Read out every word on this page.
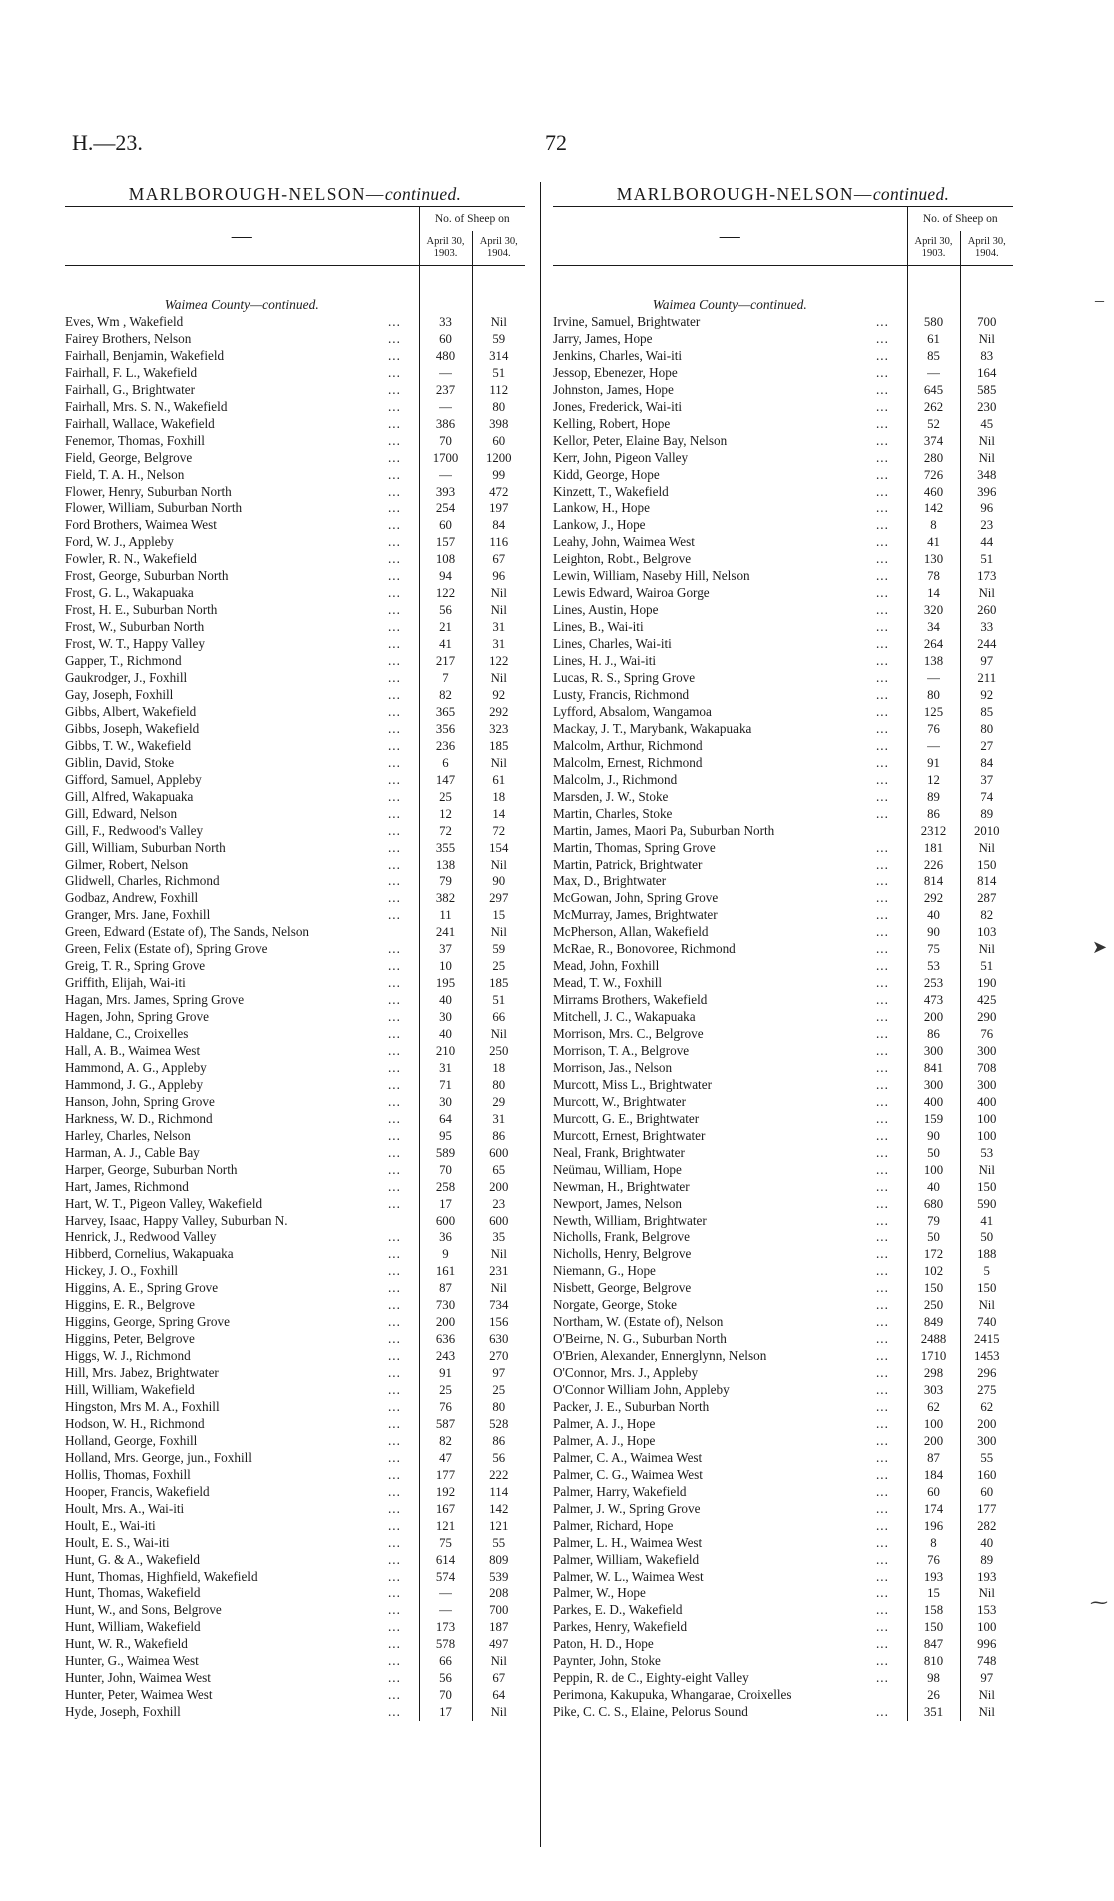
H.—23.	72
MARLBOROUGH-NELSON—continued.
—	No. of Sheep on	

	April 30,
1903.	April 30,
1904.

Waimea County—continued.		
Eves, Wm , Wakefield ...	33	Nil
Fairey Brothers, Nelson ...	60	59
Fairhall, Benjamin, Wakefield ...	480	314
Fairhall, F. L., Wakefield ...	—	51
Fairhall, G., Brightwater ...	237	112
Fairhall, Mrs. S. N., Wakefield ...	—	80
Fairhall, Wallace, Wakefield ...	386	398
Fenemor, Thomas, Foxhill ...	70	60
Field, George, Belgrove ...	1700	1200
Field, T. A. H., Nelson ...	—	99
Flower, Henry, Suburban North ...	393	472
Flower, William, Suburban North ...	254	197
Ford Brothers, Waimea West ...	60	84
Ford, W. J., Appleby ...	157	116
Fowler, R. N., Wakefield ...	108	67
Frost, George, Suburban North ...	94	96
Frost, G. L., Wakapuaka ...	122	Nil
Frost, H. E., Suburban North ...	56	Nil
Frost, W., Suburban North ...	21	31
Frost, W. T., Happy Valley ...	41	31
Gapper, T., Richmond ...	217	122
Gaukrodger, J., Foxhill ...	7	Nil
Gay, Joseph, Foxhill ...	82	92
Gibbs, Albert, Wakefield ...	365	292
Gibbs, Joseph, Wakefield ...	356	323
Gibbs, T. W., Wakefield ...	236	185
Giblin, David, Stoke ...	6	Nil
Gifford, Samuel, Appleby ...	147	61
Gill, Alfred, Wakapuaka ...	25	18
Gill, Edward, Nelson ...	12	14
Gill, F., Redwood's Valley ...	72	72
Gill, William, Suburban North ...	355	154
Gilmer, Robert, Nelson ...	138	Nil
Glidwell, Charles, Richmond ...	79	90
Godbaz, Andrew, Foxhill ...	382	297
Granger, Mrs. Jane, Foxhill ...	11	15
Green, Edward (Estate of), The Sands, Nelson	241	Nil
Green, Felix (Estate of), Spring Grove ...	37	59
Greig, T. R., Spring Grove ...	10	25
Griffith, Elijah, Wai-iti ...	195	185
Hagan, Mrs. James, Spring Grove ...	40	51
Hagen, John, Spring Grove ...	30	66
Haldane, C., Croixelles ...	40	Nil
Hall, A. B., Waimea West ...	210	250
Hammond, A. G., Appleby ...	31	18
Hammond, J. G., Appleby ...	71	80
Hanson, John, Spring Grove ...	30	29
Harkness, W. D., Richmond ...	64	31
Harley, Charles, Nelson ...	95	86
Harman, A. J., Cable Bay ...	589	600
Harper, George, Suburban North ...	70	65
Hart, James, Richmond ...	258	200
Hart, W. T., Pigeon Valley, Wakefield ...	17	23
Harvey, Isaac, Happy Valley, Suburban N.	600	600
Henrick, J., Redwood Valley ...	36	35
Hibberd, Cornelius, Wakapuaka ...	9	Nil
Hickey, J. O., Foxhill ...	161	231
Higgins, A. E., Spring Grove ...	87	Nil
Higgins, E. R., Belgrove ...	730	734
Higgins, George, Spring Grove ...	200	156
Higgins, Peter, Belgrove ...	636	630
Higgs, W. J., Richmond ...	243	270
Hill, Mrs. Jabez, Brightwater ...	91	97
Hill, William, Wakefield ...	25	25
Hingston, Mrs M. A., Foxhill ...	76	80
Hodson, W. H., Richmond ...	587	528
Holland, George, Foxhill ...	82	86
Holland, Mrs. George, jun., Foxhill ...	47	56
Hollis, Thomas, Foxhill ...	177	222
Hooper, Francis, Wakefield ...	192	114
Hoult, Mrs. A., Wai-iti ...	167	142
Hoult, E., Wai-iti ...	121	121
Hoult, E. S., Wai-iti ...	75	55
Hunt, G. & A., Wakefield ...	614	809
Hunt, Thomas, Highfield, Wakefield ...	574	539
Hunt, Thomas, Wakefield ...	—	208
Hunt, W., and Sons, Belgrove ...	—	700
Hunt, William, Wakefield ...	173	187
Hunt, W. R., Wakefield ...	578	497
Hunter, G., Waimea West ...	66	Nil
Hunter, John, Waimea West ...	56	67
Hunter, Peter, Waimea West ...	70	64
Hyde, Joseph, Foxhill ...	17	Nil
MARLBOROUGH-NELSON—continued.
—	No. of Sheep on	

	April 30,
1903.	April 30,
1904.

Waimea County—continued.		
Irvine, Samuel, Brightwater ...	580	700
Jarry, James, Hope ...	61	Nil
Jenkins, Charles, Wai-iti ...	85	83
Jessop, Ebenezer, Hope ...	—	164
Johnston, James, Hope ...	645	585
Jones, Frederick, Wai-iti ...	262	230
Kelling, Robert, Hope ...	52	45
Kellor, Peter, Elaine Bay, Nelson ...	374	Nil
Kerr, John, Pigeon Valley ...	280	Nil
Kidd, George, Hope ...	726	348
Kinzett, T., Wakefield ...	460	396
Lankow, H., Hope ...	142	96
Lankow, J., Hope ...	8	23
Leahy, John, Waimea West ...	41	44
Leighton, Robt., Belgrove ...	130	51
Lewin, William, Naseby Hill, Nelson ...	78	173
Lewis Edward, Wairoa Gorge ...	14	Nil
Lines, Austin, Hope ...	320	260
Lines, B., Wai-iti ...	34	33
Lines, Charles, Wai-iti ...	264	244
Lines, H. J., Wai-iti ...	138	97
Lucas, R. S., Spring Grove ...	—	211
Lusty, Francis, Richmond ...	80	92
Lyfford, Absalom, Wangamoa ...	125	85
Mackay, J. T., Marybank, Wakapuaka ...	76	80
Malcolm, Arthur, Richmond ...	—	27
Malcolm, Ernest, Richmond ...	91	84
Malcolm, J., Richmond ...	12	37
Marsden, J. W., Stoke ...	89	74
Martin, Charles, Stoke ...	86	89
Martin, James, Maori Pa, Suburban North	2312	2010
Martin, Thomas, Spring Grove ...	181	Nil
Martin, Patrick, Brightwater ...	226	150
Max, D., Brightwater ...	814	814
McGowan, John, Spring Grove ...	292	287
McMurray, James, Brightwater ...	40	82
McPherson, Allan, Wakefield ...	90	103
McRae, R., Bonovoree, Richmond ...	75	Nil
Mead, John, Foxhill ...	53	51
Mead, T. W., Foxhill ...	253	190
Mirrams Brothers, Wakefield ...	473	425
Mitchell, J. C., Wakapuaka ...	200	290
Morrison, Mrs. C., Belgrove ...	86	76
Morrison, T. A., Belgrove ...	300	300
Morrison, Jas., Nelson ...	841	708
Murcott, Miss L., Brightwater ...	300	300
Murcott, W., Brightwater ...	400	400
Murcott, G. E., Brightwater ...	159	100
Murcott, Ernest, Brightwater ...	90	100
Neal, Frank, Brightwater ...	50	53
Neümau, William, Hope ...	100	Nil
Newman, H., Brightwater ...	40	150
Newport, James, Nelson ...	680	590
Newth, William, Brightwater ...	79	41
Nicholls, Frank, Belgrove ...	50	50
Nicholls, Henry, Belgrove ...	172	188
Niemann, G., Hope ...	102	5
Nisbett, George, Belgrove ...	150	150
Norgate, George, Stoke ...	250	Nil
Northam, W. (Estate of), Nelson ...	849	740
O'Beirne, N. G., Suburban North ...	2488	2415
O'Brien, Alexander, Ennerglynn, Nelson ...	1710	1453
O'Connor, Mrs. J., Appleby ...	298	296
O'Connor William John, Appleby ...	303	275
Packer, J. E., Suburban North ...	62	62
Palmer, A. J., Hope ...	100	200
Palmer, A. J., Hope ...	200	300
Palmer, C. A., Waimea West ...	87	55
Palmer, C. G., Waimea West ...	184	160
Palmer, Harry, Wakefield ...	60	60
Palmer, J. W., Spring Grove ...	174	177
Palmer, Richard, Hope ...	196	282
Palmer, L. H., Waimea West ...	8	40
Palmer, William, Wakefield ...	76	89
Palmer, W. L., Waimea West ...	193	193
Palmer, W., Hope ...	15	Nil
Parkes, E. D., Wakefield ...	158	153
Parkes, Henry, Wakefield ...	150	100
Paton, H. D., Hope ...	847	996
Paynter, John, Stoke ...	810	748
Peppin, R. de C., Eighty-eight Valley ...	98	97
Perimona, Kakupuka, Whangarae, Croixelles	26	Nil
Pike, C. C. S., Elaine, Pelorus Sound ...	351	Nil
‒
➤
⁓
